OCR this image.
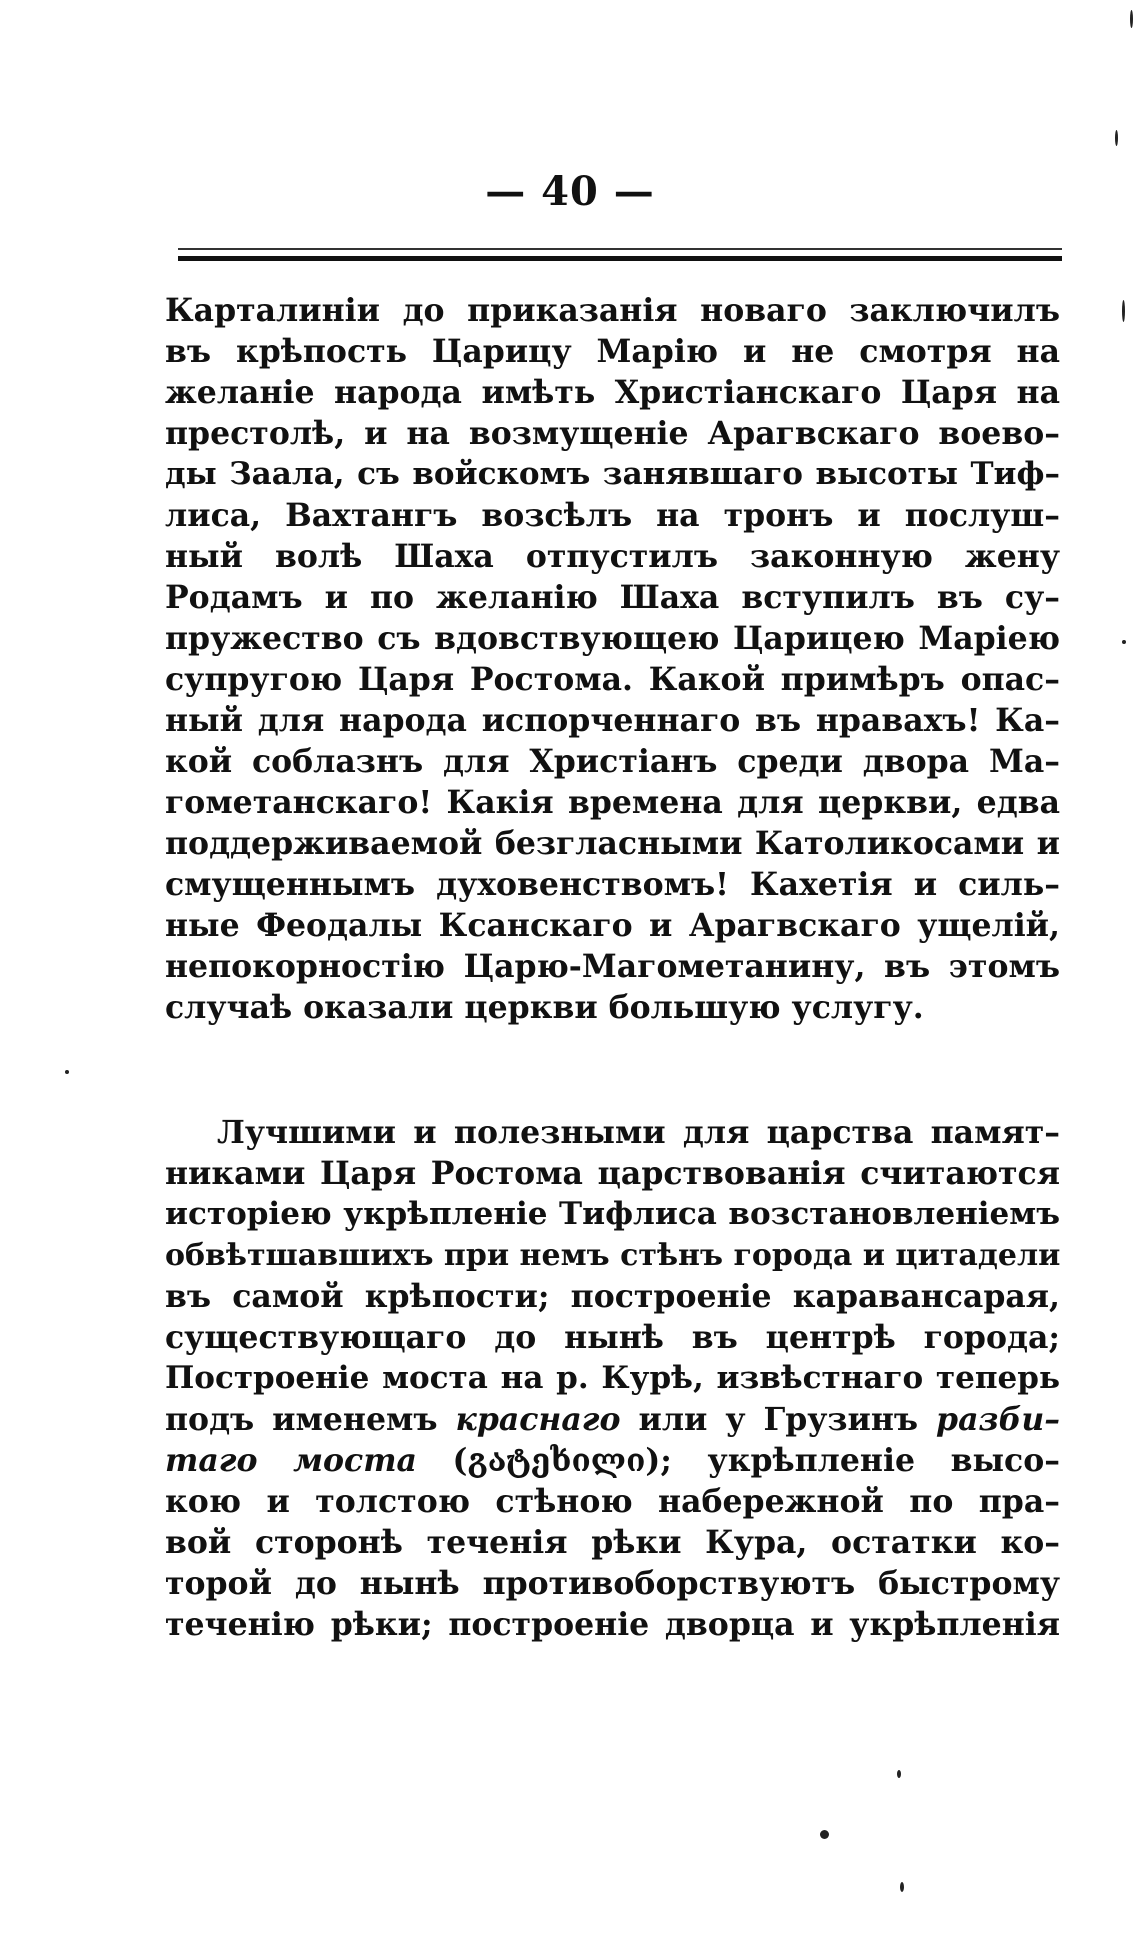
— 40 —
Карталиніи до приказанія новаго заключилъ
въ крѣпость Царицу Марію и не смотря на
желаніе народа имѣть Христіанскаго Царя на
престолѣ, и на возмущеніе Арагвскаго воево–
ды Заала, съ войскомъ занявшаго высоты Тиф–
лиса, Вахтангъ возсѣлъ на тронъ и послуш–
ный волѣ Шаха отпустилъ законную жену
Родамъ и по желанію Шаха вступилъ въ су–
пружество съ вдовствующею Царицею Маріею
супругою Царя Ростома. Какой примѣръ опас–
ный для народа испорченнаго въ нравахъ! Ка–
кой соблазнъ для Христіанъ среди двора Ма–
гометанскаго! Какія времена для церкви, едва
поддерживаемой безгласными Католикосами и
смущеннымъ духовенствомъ! Кахетія и силь–
ные Феодалы Ксанскаго и Арагвскаго ущелій,
непокорностію Царю-Магометанину, въ этомъ
случаѣ оказали церкви большую услугу.
Лучшими и полезными для царства памят–
никами Царя Ростома царствованія считаются
исторіею укрѣпленіе Тифлиса возстановленіемъ
обвѣтшавшихъ при немъ стѣнъ города и цитадели
въ самой крѣпости; построеніе каравансарая,
существующаго до нынѣ въ центрѣ города;
Построеніе моста на р. Курѣ, извѣстнаго теперь
подъ именемъ краснаго или у Грузинъ разби–
таго моста (გატეხილი); укрѣпленіе высо–
кою и толстою стѣною набережной по пра–
вой сторонѣ теченія рѣки Кура, остатки ко–
торой до нынѣ противоборствуютъ быстрому
теченію рѣки; построеніе дворца и укрѣпленія
